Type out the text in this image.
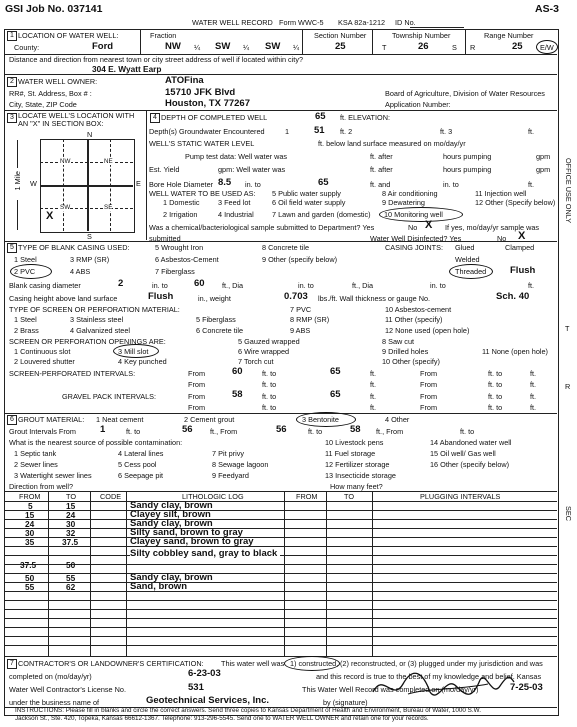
GSI Job No. 037141	AS-3
WATER WELL RECORD Form WWC-5 KSA 82a-1212 ID No.
1 LOCATION OF WATER WELL:
County:	Ford
Fraction
NW ¼ SW ¼ SW ¼
Section Number
25
Township Number
T	26	S
Range Number
R	25 E/W
Distance and direction from nearest town or city street address of well if located within city?
304 E. Wyatt Earp
2 WATER WELL OWNER:	ATOFina
RR#, St. Address, Box # :	15710 JFK Blvd
City, State, ZIP Code	Houston, TX 77267
Board of Agriculture, Division of Water Resources
Application Number:
3 LOCATE WELL'S LOCATION WITH
AN "X" IN SECTION BOX:
N
S
W	E
NW	NE
SW	SE
X
1 Mile
4 DEPTH OF COMPLETED WELL	65 ft. ELEVATION:
Depth(s) Groundwater Encountered	1	51 ft. 2	ft. 3	ft.
WELL'S STATIC WATER LEVEL	ft. below land surface measured on mo/day/yr
Pump test data: Well water was	ft. after	hours pumping	gpm
Est. Yield	gpm: Well water was	ft. after	hours pumping	gpm
Bore Hole Diameter 8.5 in. to	65	ft. and	in. to	ft.
WELL WATER TO BE USED AS:
1 Domestic	3 Feed lot
2 Irrigation	4 Industrial
5 Public water supply
6 Oil field water supply
7 Lawn and garden (domestic)
8 Air conditioning
9 Dewatering
10 Monitoring well
11 Injection well
12 Other (Specify below)
Was a chemical/bacteriological sample submitted to Department? Yes	No X If yes, mo/day/yr sample was
submitted	Water Well Disinfected? Yes	No X
5 TYPE OF BLANK CASING USED:
1 Steel
2 PVC
3 RMP (SR)
4 ABS
5 Wrought Iron
6 Asbestos-Cement
7 Fiberglass
8 Concrete tile
9 Other (specify below)
CASING JOINTS: Glued	Clamped
Welded
Threaded	Flush
Blank casing diameter	2	in. to	60 ft., Dia	in. to	ft., Dia	in. to	ft.
Casing height above land surface	Flush	in., weight	0.703 lbs./ft. Wall thickness or gauge No.	Sch. 40
TYPE OF SCREEN OR PERFORATION MATERIAL:
1 Steel
2 Brass
3 Stainless steel
4 Galvanized steel
5 Fiberglass
6 Concrete tile
7 PVC
8 RMP (SR)
9 ABS
10 Asbestos-cement
11 Other (specify)
12 None used (open hole)
SCREEN OR PERFORATION OPENINGS ARE:
1 Continuous slot
2 Louvered shutter
3 Mill slot
4 Key punched
5 Gauzed wrapped
6 Wire wrapped
7 Torch cut
8 Saw cut
9 Drilled holes
10 Other (specify)
11 None (open hole)
SCREEN-PERFORATED INTERVALS:	From	60	ft. to	65	ft.	From	ft. to	ft.
From	ft. to	ft.	From	ft. to	ft.
GRAVEL PACK INTERVALS:	From	58	ft. to	65	ft.	From	ft. to	ft.
From	ft. to	ft.	From	ft. to	ft.
6 GROUT MATERIAL: 1 Neat cement	2 Cement grout	3 Bentonite	4 Other
Grout Intervals From	1	ft. to	56 ft., From	56	ft. to	58 ft., From	ft. to
What is the nearest source of possible contamination:
1 Septic tank
2 Sewer lines
3 Watertight sewer lines
4 Lateral lines
5 Cess pool
6 Seepage pit
7 Pit privy
8 Sewage lagoon
9 Feedyard
10 Livestock pens
11 Fuel storage
12 Fertilizer storage
13 Insecticide storage
14 Abandoned water well
15 Oil well/ Gas well
16 Other (specify below)
Direction from well?	How many feet?
FROM	TO	CODE	LITHOLOGIC LOG	FROM	TO	PLUGGING INTERVALS
5	15	Sandy clay, brown
15	24	Clayey silt, brown
24	30	Sandy clay, brown
30	32	Silty sand, brown to gray
35	37.5	Clayey sand, brown to gray
37.5	50
Silty cobbley sand, gray to black
50	55	Sandy clay, brown
55	62	Sand, brown
7 CONTRACTOR'S OR LANDOWNER'S CERTIFICATION: This water well was 1) constructed, (2) reconstructed, or (3) plugged under my jurisdiction and was
completed on (mo/day/yr)	6-23-03	and this record is true to the best of my knowledge and belief. Kansas
Water Well Contractor's License No.	531	This Water Well Record was completed on (mo/day/yr)	7-25-03
under the business name of	Geotechnical Services, Inc.	by (signature)
INSTRUCTIONS: Please fill in blanks and circle the correct answers. Send three copies to Kansas Department of Health and Environment, Bureau of Water, 1000 S.W.
Jackson St., Ste. 420, Topeka, Kansas 66612-1367. Telephone: 913-296-5545. Send one to WATER WELL OWNER and retain one for your records.
OFFICE USE ONLY
T
R
SEC
